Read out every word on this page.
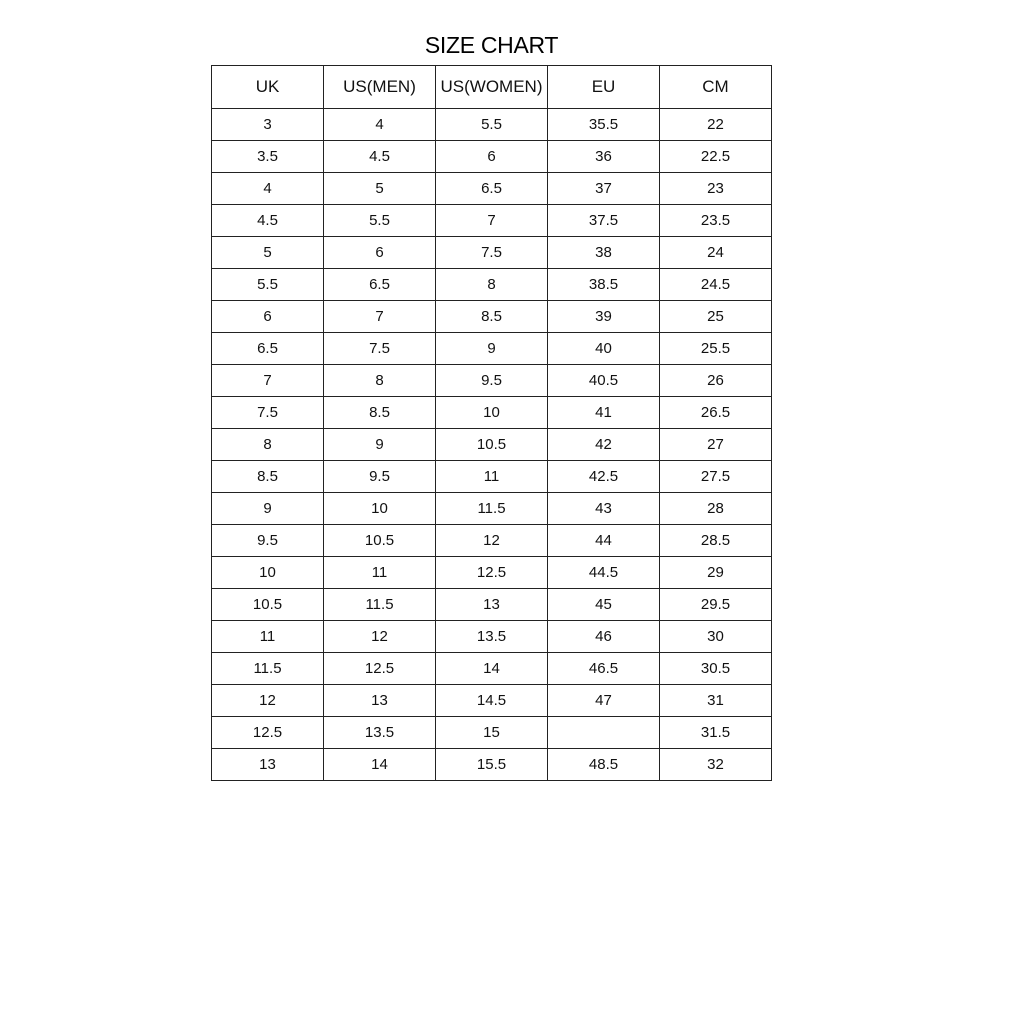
SIZE CHART
UK	US(MEN)	US(WOMEN)	EU	CM
3	4	5.5	35.5	22
3.5	4.5	6	36	22.5
4	5	6.5	37	23
4.5	5.5	7	37.5	23.5
5	6	7.5	38	24
5.5	6.5	8	38.5	24.5
6	7	8.5	39	25
6.5	7.5	9	40	25.5
7	8	9.5	40.5	26
7.5	8.5	10	41	26.5
8	9	10.5	42	27
8.5	9.5	11	42.5	27.5
9	10	11.5	43	28
9.5	10.5	12	44	28.5
10	11	12.5	44.5	29
10.5	11.5	13	45	29.5
11	12	13.5	46	30
11.5	12.5	14	46.5	30.5
12	13	14.5	47	31
12.5	13.5	15		31.5
13	14	15.5	48.5	32
